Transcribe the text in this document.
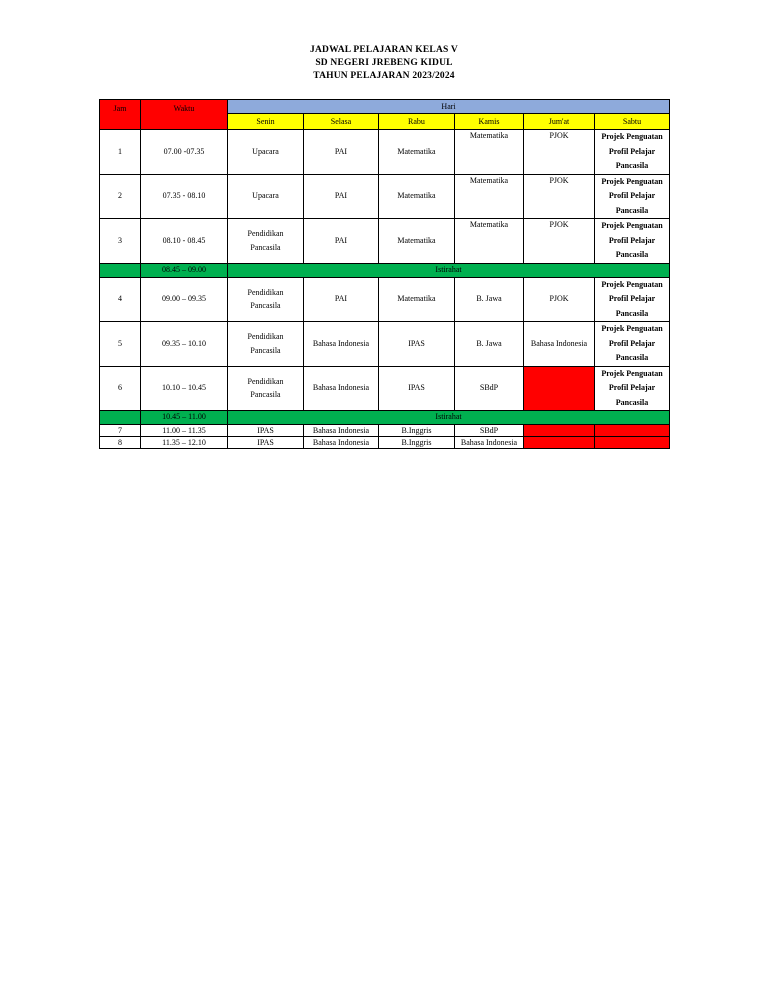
JADWAL PELAJARAN KELAS V
SD NEGERI JREBENG KIDUL
TAHUN PELAJARAN 2023/2024
Jam	Waktu	Hari					
		Senin	Selasa	Rabu	Kamis	Jum'at	Sabtu
1	07.00 -07.35	Upacara	PAI	Matematika	Matematika	PJOK	Projek Penguatan
Profil Pelajar
Pancasila
2	07.35 - 08.10	Upacara	PAI	Matematika	Matematika	PJOK	Projek Penguatan
Profil Pelajar
Pancasila
3	08.10 - 08.45	Pendidikan
Pancasila	PAI	Matematika	Matematika	PJOK	Projek Penguatan
Profil Pelajar
Pancasila
	08.45 – 09.00	Istirahat					
4	09.00 – 09.35	Pendidikan
Pancasila	PAI	Matematika	B. Jawa	PJOK	Projek Penguatan
Profil Pelajar
Pancasila
5	09.35 – 10.10	Pendidikan
Pancasila	Bahasa Indonesia	IPAS	B. Jawa	Bahasa Indonesia	Projek Penguatan
Profil Pelajar
Pancasila
6	10.10 – 10.45	Pendidikan
Pancasila	Bahasa Indonesia	IPAS	SBdP		Projek Penguatan
Profil Pelajar
Pancasila
	10.45 – 11.00	Istirahat					
7	11.00 – 11.35	IPAS	Bahasa Indonesia	B.Inggris	SBdP		
8	11.35 – 12.10	IPAS	Bahasa Indonesia	B.Inggris	Bahasa Indonesia		
